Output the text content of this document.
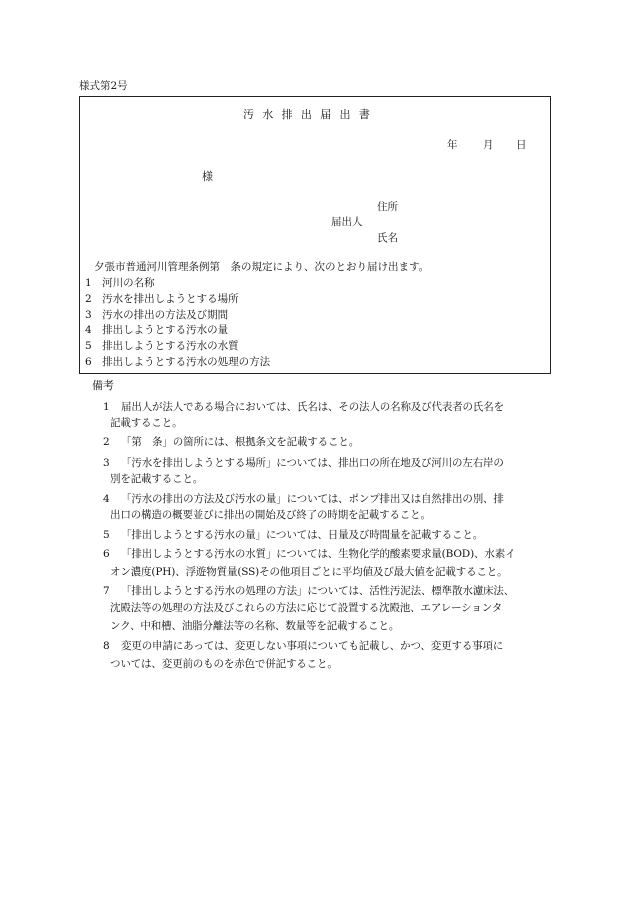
様式第2号
汚水排出届出書
年 月 日
様
住所
届出人
氏名
夕張市普通河川管理条例第　条の規定により、次のとおり届け出ます。
1　河川の名称
2　汚水を排出しようとする場所
3　汚水の排出の方法及び期間
4　排出しようとする汚水の量
5　排出しようとする汚水の水質
6　排出しようとする汚水の処理の方法
備考
1	届出人が法人である場合においては、氏名は、その法人の名称及び代表者の氏名を
記載すること。
2	「第　条」の箇所には、根拠条文を記載すること。
3	「汚水を排出しようとする場所」については、排出口の所在地及び河川の左右岸の
別を記載すること。
4	「汚水の排出の方法及び汚水の量」については、ポンプ排出又は自然排出の別、排
出口の構造の概要並びに排出の開始及び終了の時期を記載すること。
5	「排出しようとする汚水の量」については、日量及び時間量を記載すること。
6	「排出しようとする汚水の水質」については、生物化学的酸素要求量(BOD)、水素イ
オン濃度(PH)、浮遊物質量(SS)その他項目ごとに平均値及び最大値を記載すること。
7	「排出しようとする汚水の処理の方法」については、活性汚泥法、標準散水濾床法、
沈殿法等の処理の方法及びこれらの方法に応じて設置する沈殿池、エアレーションタ
ンク、中和槽、油脂分離法等の名称、数量等を記載すること。
8	変更の申請にあっては、変更しない事項についても記載し、かつ、変更する事項に
ついては、変更前のものを赤色で併記すること。
